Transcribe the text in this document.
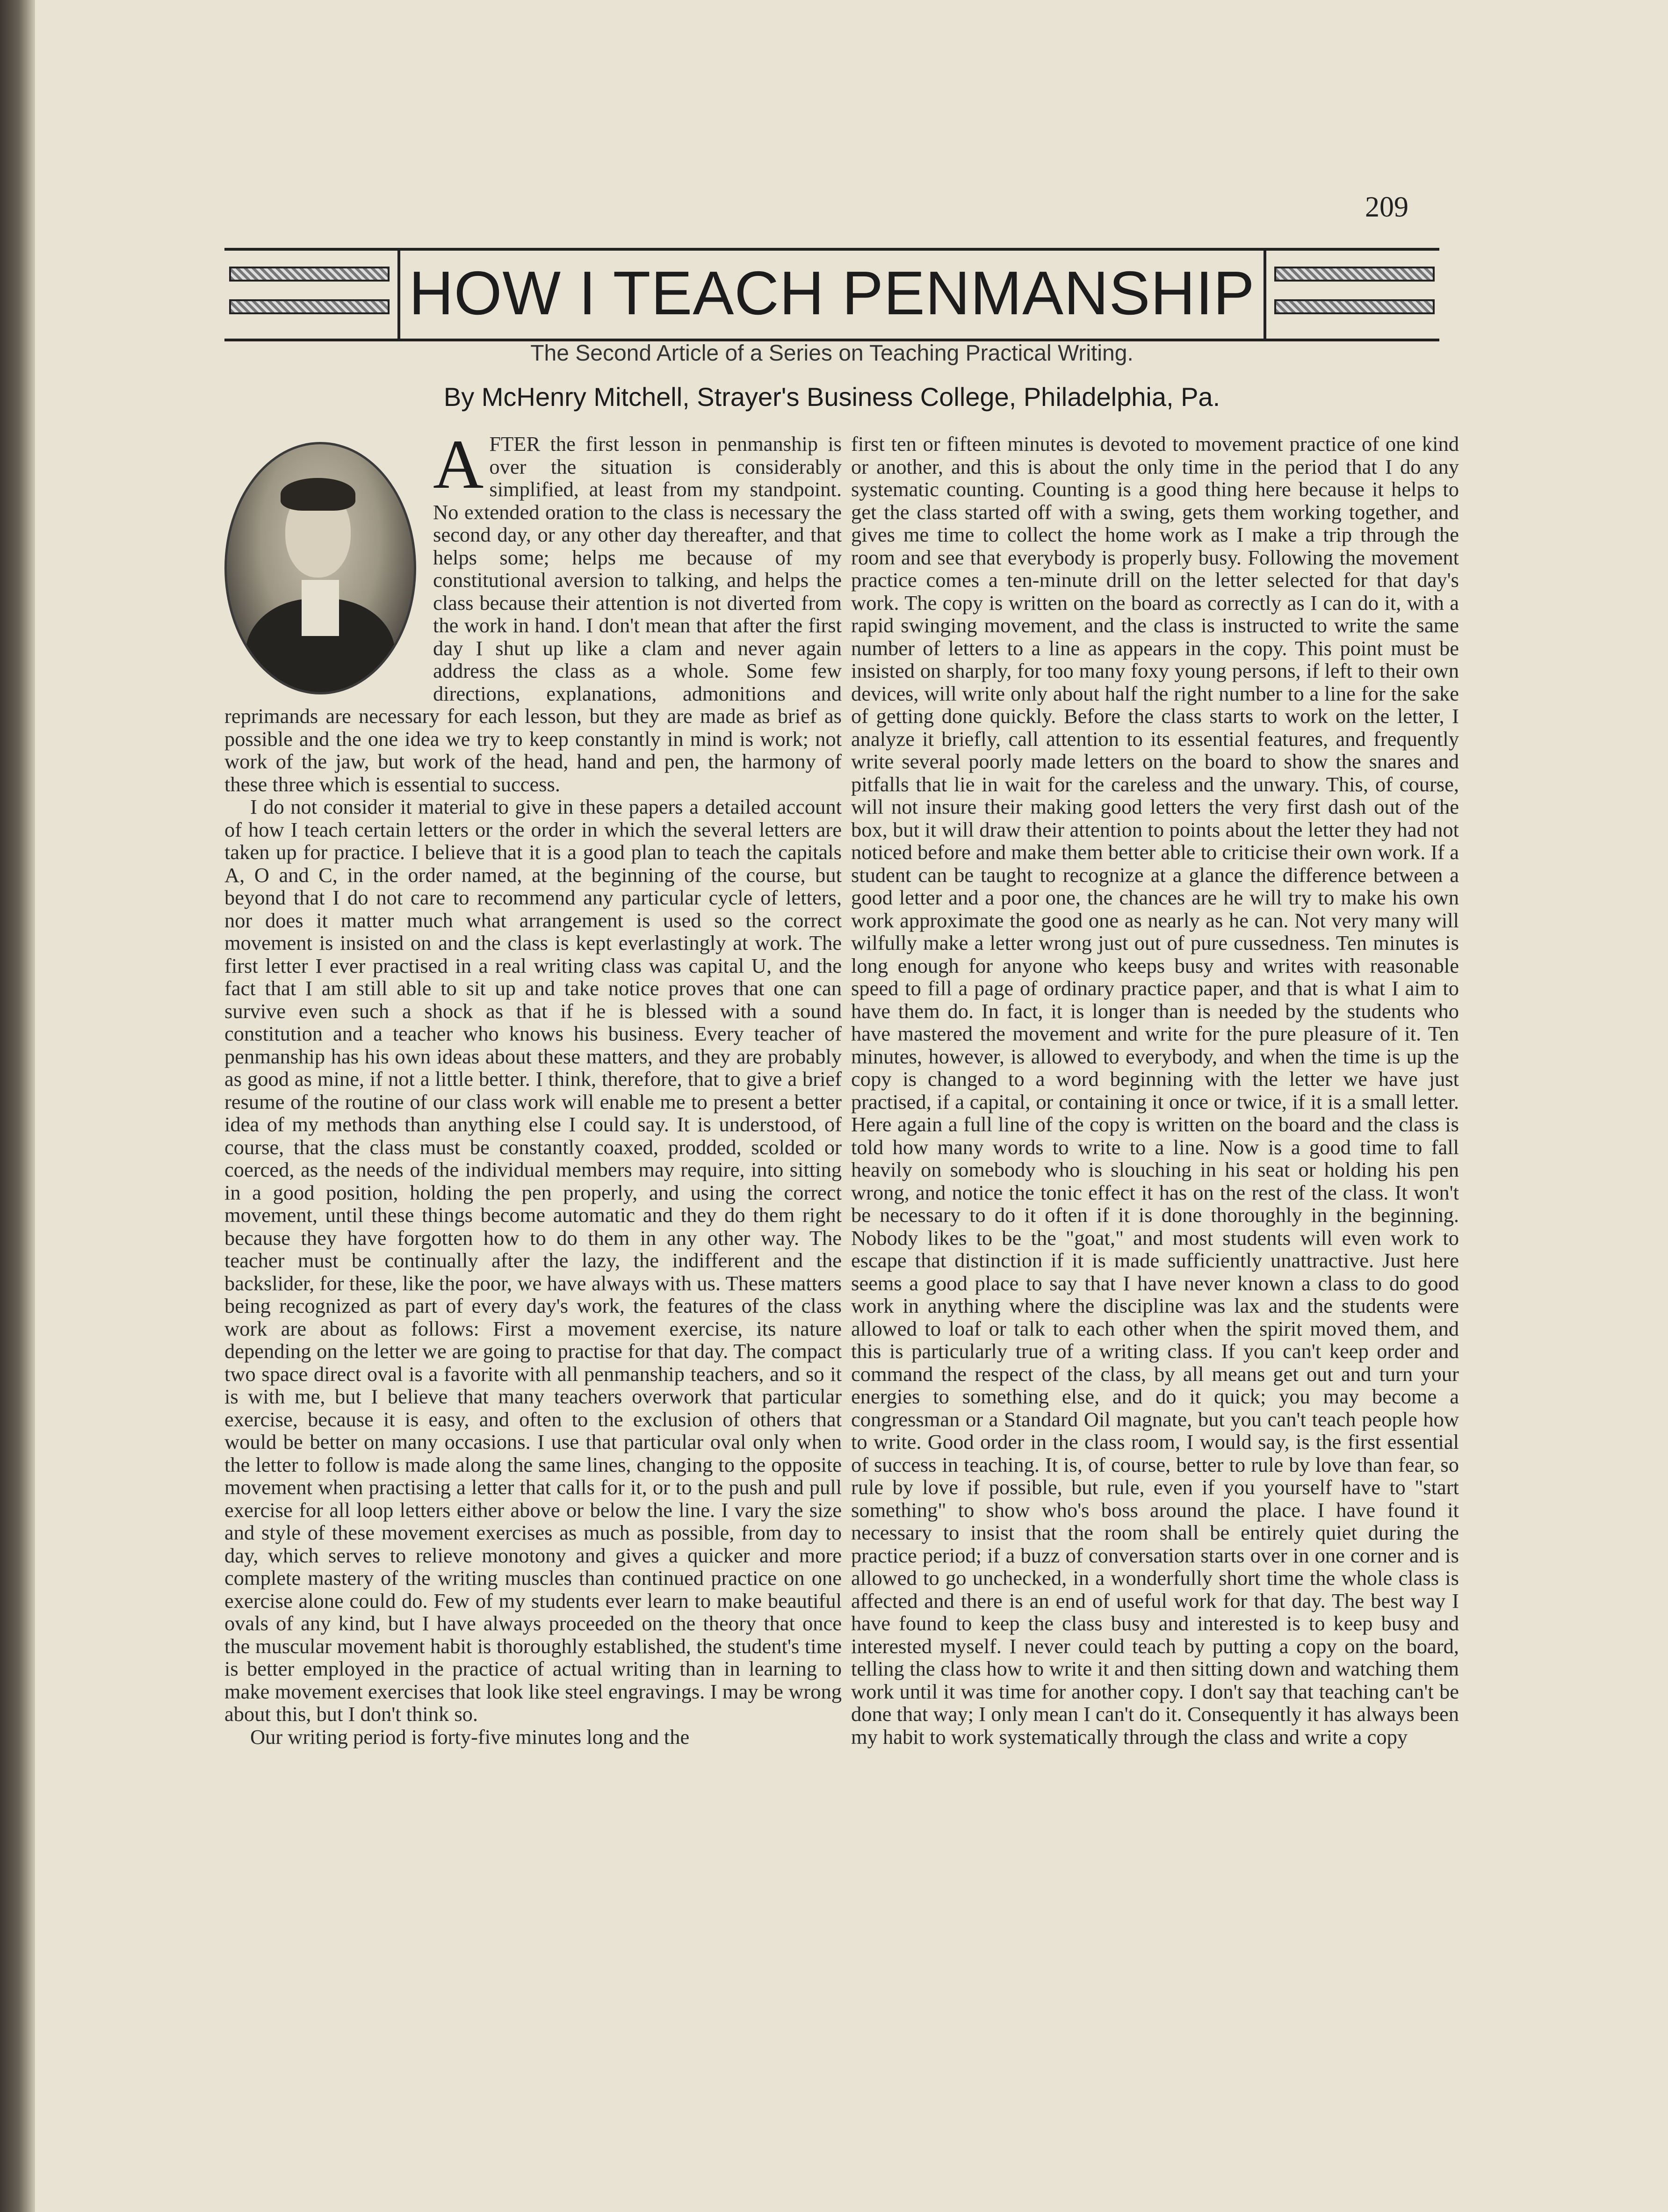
209
HOW I TEACH PENMANSHIP
The Second Article of a Series on Teaching Practical Writing.
By McHenry Mitchell, Strayer's Business College, Philadelphia, Pa.

AFTER the first lesson in penmanship is over the situation is considerably simplified, at least from my standpoint. No extended oration to the class is necessary the second day, or any other day thereafter, and that helps some; helps me because of my constitutional aversion to talking, and helps the class because their attention is not diverted from the work in hand. I don't mean that after the first day I shut up like a clam and never again address the class as a whole. Some few directions, explanations, admonitions and reprimands are necessary for each lesson, but they are made as brief as possible and the one idea we try to keep constantly in mind is work; not work of the jaw, but work of the head, hand and pen, the harmony of these three which is essential to success.

I do not consider it material to give in these papers a detailed account of how I teach certain letters or the order in which the several letters are taken up for practice. I believe that it is a good plan to teach the capitals A, O and C, in the order named, at the beginning of the course, but beyond that I do not care to recommend any particular cycle of letters, nor does it matter much what arrangement is used so the correct movement is insisted on and the class is kept everlastingly at work. The first letter I ever practised in a real writing class was capital U, and the fact that I am still able to sit up and take notice proves that one can survive even such a shock as that if he is blessed with a sound constitution and a teacher who knows his business. Every teacher of penmanship has his own ideas about these matters, and they are probably as good as mine, if not a little better. I think, therefore, that to give a brief resume of the routine of our class work will enable me to present a better idea of my methods than anything else I could say. It is understood, of course, that the class must be constantly coaxed, prodded, scolded or coerced, as the needs of the individual members may require, into sitting in a good position, holding the pen properly, and using the correct movement, until these things become automatic and they do them right because they have forgotten how to do them in any other way. The teacher must be continually after the lazy, the indifferent and the backslider, for these, like the poor, we have always with us. These matters being recognized as part of every day's work, the features of the class work are about as follows: First a movement exercise, its nature depending on the letter we are going to practise for that day. The compact two space direct oval is a favorite with all penmanship teachers, and so it is with me, but I believe that many teachers overwork that particular exercise, because it is easy, and often to the exclusion of others that would be better on many occasions. I use that particular oval only when the letter to follow is made along the same lines, changing to the opposite movement when practising a letter that calls for it, or to the push and pull exercise for all loop letters either above or below the line. I vary the size and style of these movement exercises as much as possible, from day to day, which serves to relieve monotony and gives a quicker and more complete mastery of the writing muscles than continued practice on one exercise alone could do. Few of my students ever learn to make beautiful ovals of any kind, but I have always proceeded on the theory that once the muscular movement habit is thoroughly established, the student's time is better employed in the practice of actual writing than in learning to make movement exercises that look like steel engravings. I may be wrong about this, but I don't think so.

Our writing period is forty-five minutes long and the

first ten or fifteen minutes is devoted to movement practice of one kind or another, and this is about the only time in the period that I do any systematic counting. Counting is a good thing here because it helps to get the class started off with a swing, gets them working together, and gives me time to collect the home work as I make a trip through the room and see that everybody is properly busy. Following the movement practice comes a ten-minute drill on the letter selected for that day's work. The copy is written on the board as correctly as I can do it, with a rapid swinging movement, and the class is instructed to write the same number of letters to a line as appears in the copy. This point must be insisted on sharply, for too many foxy young persons, if left to their own devices, will write only about half the right number to a line for the sake of getting done quickly. Before the class starts to work on the letter, I analyze it briefly, call attention to its essential features, and frequently write several poorly made letters on the board to show the snares and pitfalls that lie in wait for the careless and the unwary. This, of course, will not insure their making good letters the very first dash out of the box, but it will draw their attention to points about the letter they had not noticed before and make them better able to criticise their own work. If a student can be taught to recognize at a glance the difference between a good letter and a poor one, the chances are he will try to make his own work approximate the good one as nearly as he can. Not very many will wilfully make a letter wrong just out of pure cussedness. Ten minutes is long enough for anyone who keeps busy and writes with reasonable speed to fill a page of ordinary practice paper, and that is what I aim to have them do. In fact, it is longer than is needed by the students who have mastered the movement and write for the pure pleasure of it. Ten minutes, however, is allowed to everybody, and when the time is up the copy is changed to a word beginning with the letter we have just practised, if a capital, or containing it once or twice, if it is a small letter. Here again a full line of the copy is written on the board and the class is told how many words to write to a line. Now is a good time to fall heavily on somebody who is slouching in his seat or holding his pen wrong, and notice the tonic effect it has on the rest of the class. It won't be necessary to do it often if it is done thoroughly in the beginning. Nobody likes to be the "goat," and most students will even work to escape that distinction if it is made sufficiently unattractive. Just here seems a good place to say that I have never known a class to do good work in anything where the discipline was lax and the students were allowed to loaf or talk to each other when the spirit moved them, and this is particularly true of a writing class. If you can't keep order and command the respect of the class, by all means get out and turn your energies to something else, and do it quick; you may become a congressman or a Standard Oil magnate, but you can't teach people how to write. Good order in the class room, I would say, is the first essential of success in teaching. It is, of course, better to rule by love than fear, so rule by love if possible, but rule, even if you yourself have to "start something" to show who's boss around the place. I have found it necessary to insist that the room shall be entirely quiet during the practice period; if a buzz of conversation starts over in one corner and is allowed to go unchecked, in a wonderfully short time the whole class is affected and there is an end of useful work for that day. The best way I have found to keep the class busy and interested is to keep busy and interested myself. I never could teach by putting a copy on the board, telling the class how to write it and then sitting down and watching them work until it was time for another copy. I don't say that teaching can't be done that way; I only mean I can't do it. Consequently it has always been my habit to work systematically through the class and write a copy
